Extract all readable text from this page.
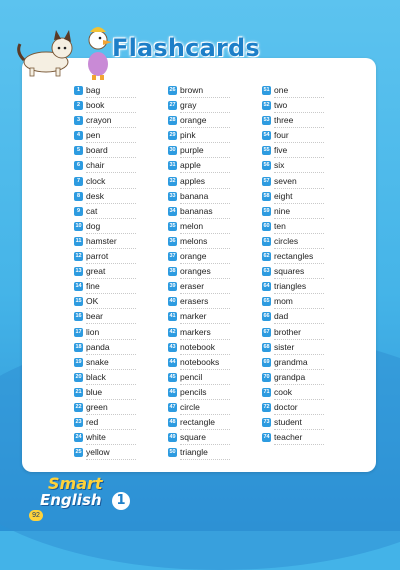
Flashcards
1 bag
2 book
3 crayon
4 pen
5 board
6 chair
7 clock
8 desk
9 cat
10 dog
11 hamster
12 parrot
13 great
14 fine
15 OK
16 bear
17 lion
18 panda
19 snake
20 black
21 blue
22 green
23 red
24 white
25 yellow
26 brown
27 gray
28 orange
29 pink
30 purple
31 apple
32 apples
33 banana
34 bananas
35 melon
36 melons
37 orange
38 oranges
39 eraser
40 erasers
41 marker
42 markers
43 notebook
44 notebooks
45 pencil
46 pencils
47 circle
48 rectangle
49 square
50 triangle
51 one
52 two
53 three
54 four
55 five
56 six
57 seven
58 eight
59 nine
60 ten
61 circles
62 rectangles
63 squares
64 triangles
65 mom
66 dad
67 brother
68 sister
69 grandma
70 grandpa
71 cook
72 doctor
73 student
74 teacher
Smart
English	1
92
